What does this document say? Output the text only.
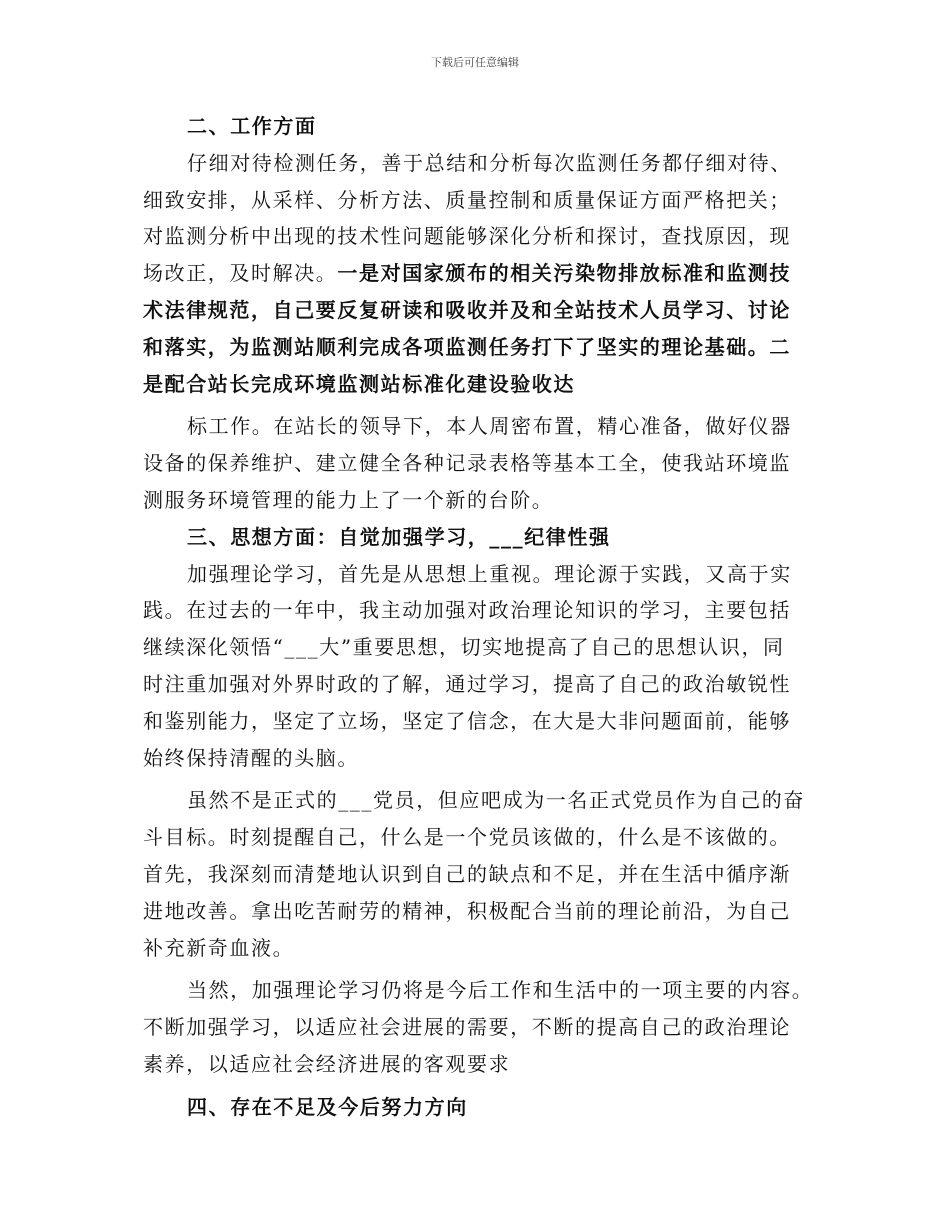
下载后可任意编辑
二、工作方面
仔细对待检测任务，善于总结和分析每次监测任务都仔细对待、
细致安排，从采样、分析方法、质量控制和质量保证方面严格把关；
对监测分析中出现的技术性问题能够深化分析和探讨，查找原因，现
场改正，及时解决。一是对国家颁布的相关污染物排放标准和监测技
术法律规范，自己要反复研读和吸收并及和全站技术人员学习、讨论
和落实，为监测站顺利完成各项监测任务打下了坚实的理论基础。二
是配合站长完成环境监测站标准化建设验收达
标工作。在站长的领导下，本人周密布置，精心准备，做好仪器
设备的保养维护、建立健全各种记录表格等基本工全，使我站环境监
测服务环境管理的能力上了一个新的台阶。
三、思想方面：自觉加强学习，___纪律性强
加强理论学习，首先是从思想上重视。理论源于实践，又高于实
践。在过去的一年中，我主动加强对政治理论知识的学习，主要包括
继续深化领悟“___大”重要思想，切实地提高了自己的思想认识，同
时注重加强对外界时政的了解，通过学习，提高了自己的政治敏锐性
和鉴别能力，坚定了立场，坚定了信念，在大是大非问题面前，能够
始终保持清醒的头脑。
虽然不是正式的___党员，但应吧成为一名正式党员作为自己的奋
斗目标。时刻提醒自己，什么是一个党员该做的，什么是不该做的。
首先，我深刻而清楚地认识到自己的缺点和不足，并在生活中循序渐
进地改善。拿出吃苦耐劳的精神，积极配合当前的理论前沿，为自己
补充新奇血液。
当然，加强理论学习仍将是今后工作和生活中的一项主要的内容。
不断加强学习，以适应社会进展的需要，不断的提高自己的政治理论
素养，以适应社会经济进展的客观要求
四、存在不足及今后努力方向
